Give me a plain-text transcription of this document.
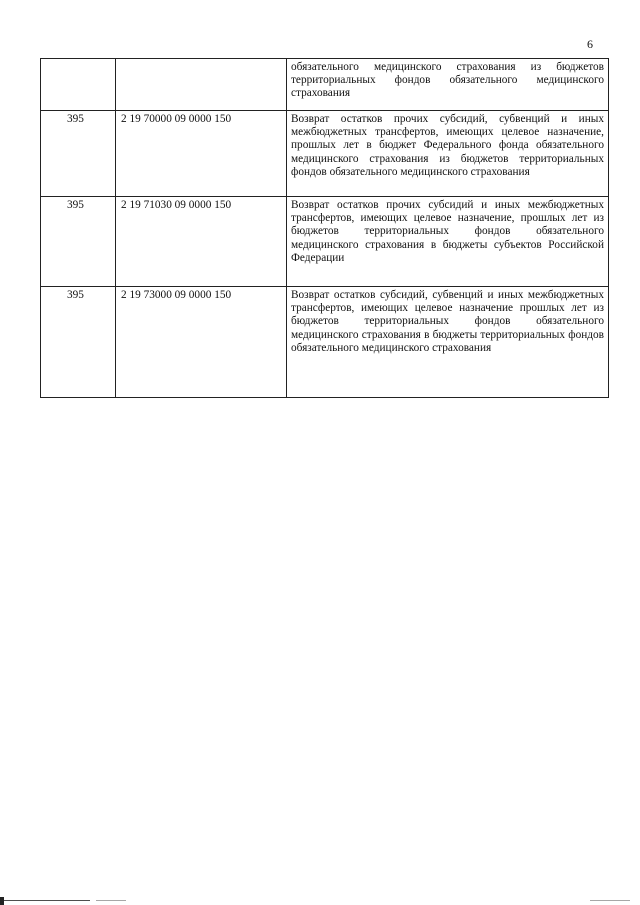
6
		обязательного медицинского страхования из бюджетов территориальных фондов обязательного медицинского страхования
395	2 19 70000 09 0000 150	Возврат остатков прочих субсидий, субвенций и иных межбюджетных трансфертов, имеющих целевое назначение, прошлых лет в бюджет Федерального фонда обязательного медицинского страхования из бюджетов территориальных фондов обязательного медицинского страхования
395	2 19 71030 09 0000 150	Возврат остатков прочих субсидий и иных межбюджетных трансфертов, имеющих целевое назначение, прошлых лет из бюджетов территориальных фондов обязательного медицинского страхования в бюджеты субъектов Российской Федерации
395	2 19 73000 09 0000 150	Возврат остатков субсидий, субвенций и иных межбюджетных трансфертов, имеющих целевое назначение прошлых лет из бюджетов территориальных фондов обязательного медицинского страхования в бюджеты территориальных фондов обязательного медицинского страхования
